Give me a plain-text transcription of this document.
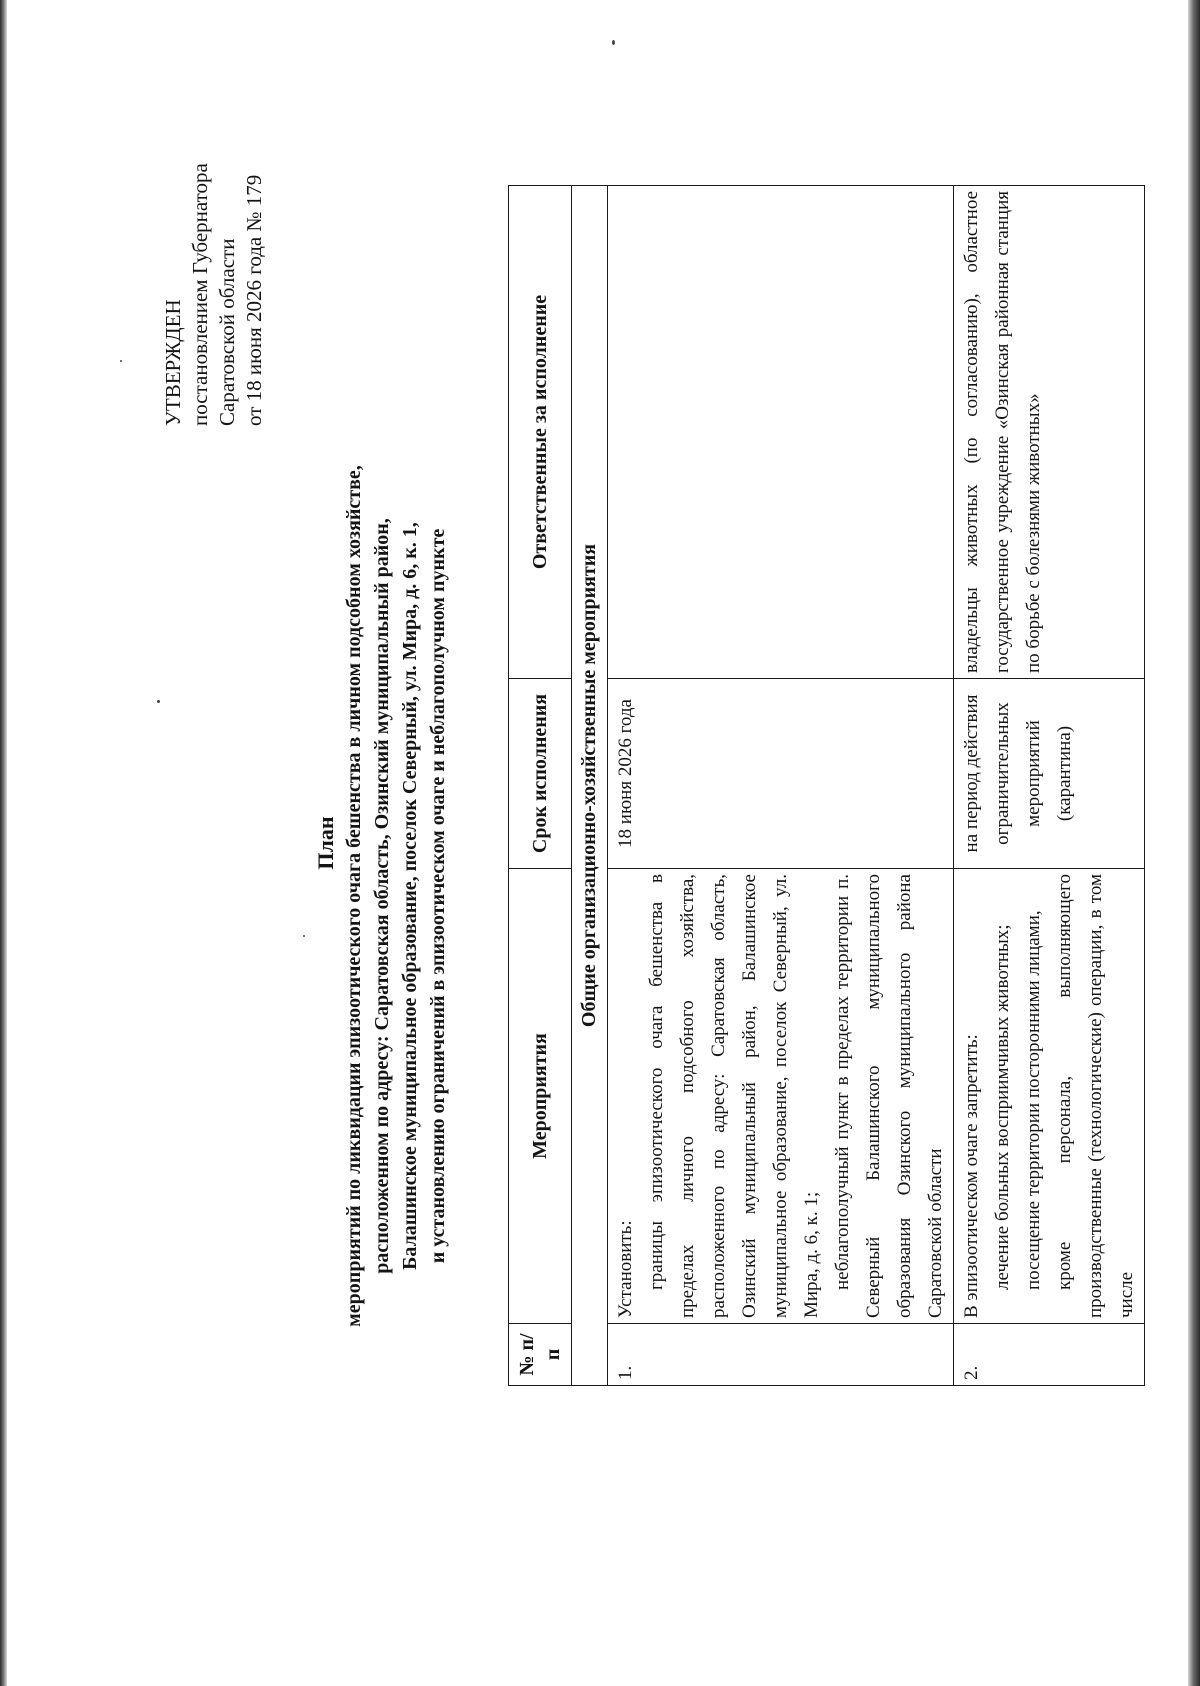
УТВЕРЖДЕН постановлением Губернатора Саратовской области от 18 июня 2026 года № 179
План мероприятий по ликвидации эпизоотического очага бешенства в личном подсобном хозяйстве, расположенном по адресу: Саратовская область, Озинский муниципальный район, Балашинское муниципальное образование, поселок Северный, ул. Мира, д. 6, к. 1, и установлению ограничений в эпизоотическом очаге и неблагополучном пункте
№ п/п	Мероприятия	Срок исполнения	Ответственные за исполнение
Общие организационно-хозяйственные мероприятия			
1.	Установить: границы эпизоотического очага бешенства в пределах личного подсобного хозяйства, расположенного по адресу: Саратовская область, Озинский муниципальный район, Балашинское муниципальное образование, поселок Северный, ул. Мира, д. 6, к. 1; неблагополучный пункт в пределах территории п. Северный Балашинского муниципального образования Озинского муниципального района Саратовской области	18 июня 2026 года	
2.	В эпизоотическом очаге запретить: лечение больных восприимчивых животных; посещение территории посторонними лицами, кроме персонала, выполняющего производственные (технологические) операции, в том числе	на период действия ограничительных мероприятий (карантина)	владельцы животных (по согласованию), областное государственное учреждение «Озинская районная станция по борьбе с болезнями животных»
